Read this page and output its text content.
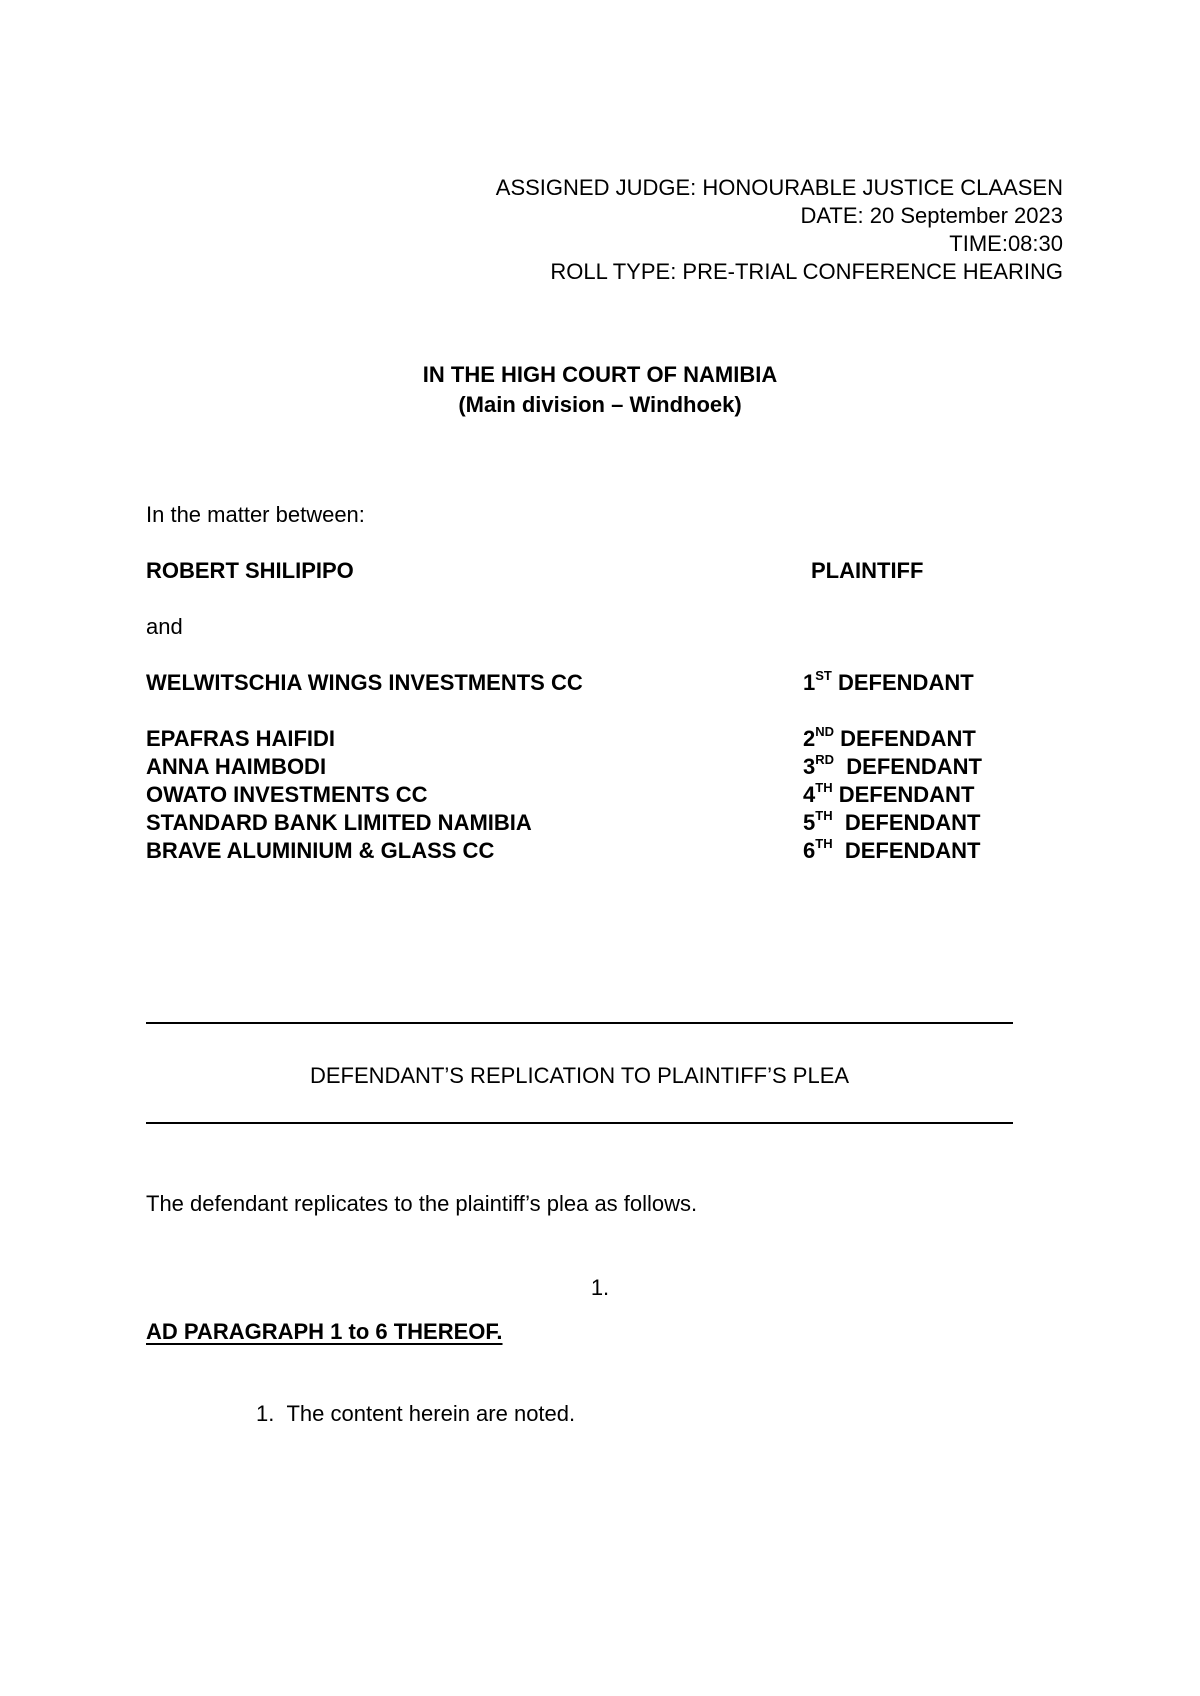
ASSIGNED JUDGE: HONOURABLE JUSTICE CLAASEN
DATE: 20 September 2023
TIME:08:30
ROLL TYPE: PRE-TRIAL CONFERENCE HEARING
IN THE HIGH COURT OF NAMIBIA
(Main division – Windhoek)
In the matter between:
ROBERT SHILIPIPO	PLAINTIFF
and
WELWITSCHIA WINGS INVESTMENTS CC	1ST DEFENDANT
EPAFRAS HAIFIDI	2ND DEFENDANT
ANNA HAIMBODI	3RD  DEFENDANT
OWATO INVESTMENTS CC	4TH DEFENDANT
STANDARD BANK LIMITED NAMIBIA	5TH  DEFENDANT
BRAVE ALUMINIUM & GLASS CC	6TH  DEFENDANT
DEFENDANT’S REPLICATION TO PLAINTIFF’S PLEA
The defendant replicates to the plaintiff’s plea as follows.
1.
AD PARAGRAPH 1 to 6 THEREOF.
1. The content herein are noted.
